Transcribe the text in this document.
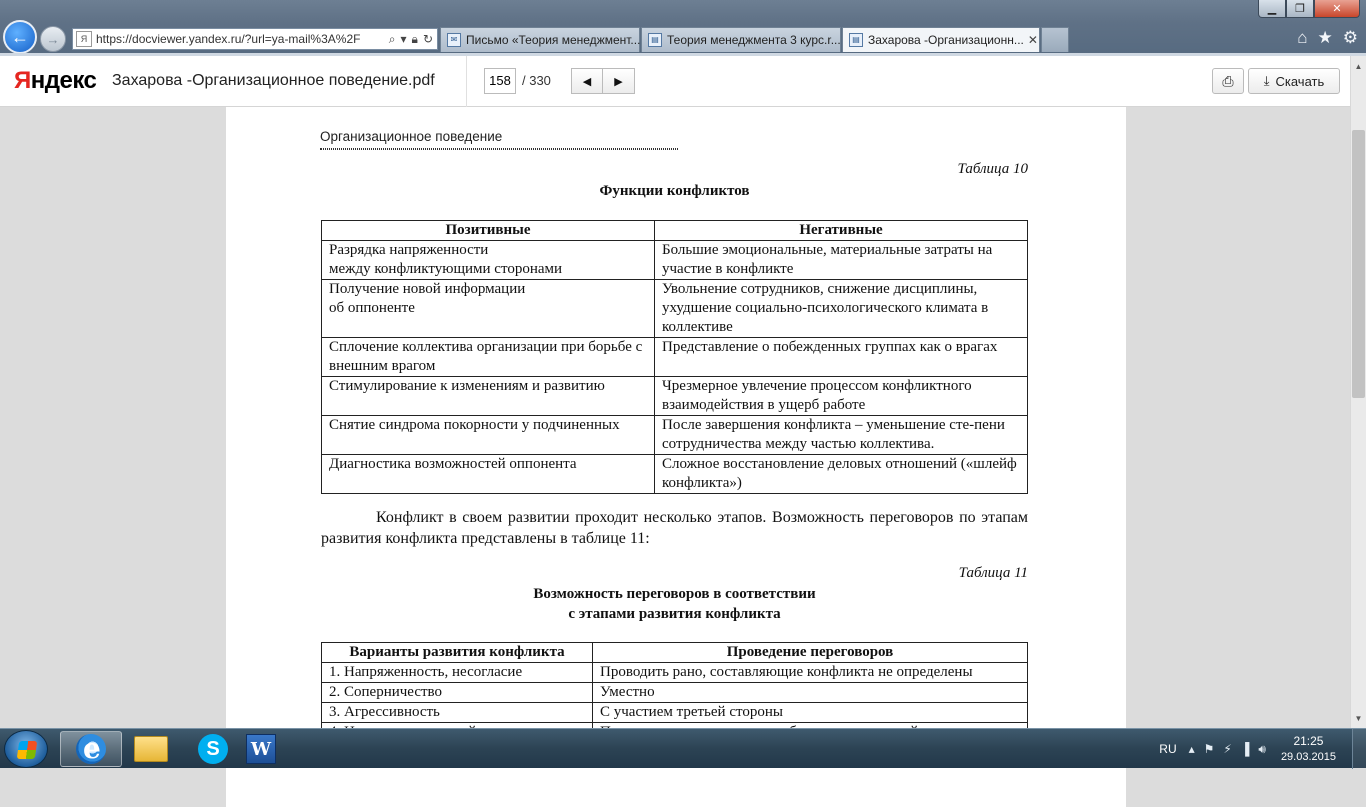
▁	❐	✕
← →	Я https://docviewer.yandex.ru/?url=ya-mail%3A%2F	⌕ ▾ 🔒︎ ↻	✉ Письмо «Теория менеджмент...	▤ Теория менеджмента 3 курс.r...	▤ Захарова -Организационн... ✕	⌂ ★ ⚙
Яндекс Захарова -Организационное поведение.pdf	158 / 330	◀ ▶	⎙ ⤓ Скачать
▲
▼
Организационное поведение
Таблица 10
Функции конфликтов
Позитивные	Негативные
Разрядка напряженности
между конфликтующими сторонами	Большие эмоциональные, материальные затраты на участие в конфликте
Получение новой информации
об оппоненте	Увольнение сотрудников, снижение дисциплины, ухудшение социально-психологического климата в коллективе
Сплочение коллектива организации при борьбе с внешним врагом	Представление о побежденных группах как о врагах
Стимулирование к изменениям и развитию	Чрезмерное увлечение процессом конфликтного взаимодействия в ущерб работе
Снятие синдрома покорности у подчиненных	После завершения конфликта – уменьшение сте-пени сотрудничества между частью коллектива.
Диагностика возможностей оппонента	Сложное восстановление деловых отношений («шлейф конфликта»)
Конфликт в своем развитии проходит несколько этапов. Возможность переговоров по этапам развития конфликта представлены в таблице 11:
Таблица 11
Возможность переговоров в соответствии
с этапами развития конфликта
Варианты развития конфликта	Проведение переговоров
1. Напряженность, несогласие	Проводить рано, составляющие конфликта не определены
2. Соперничество	Уместно
3. Агрессивность	С участием третьей стороны

e
S	W	RU ▴ ⚑ ⚡ ▐ 🔊︎
21:25
29.03.2015
